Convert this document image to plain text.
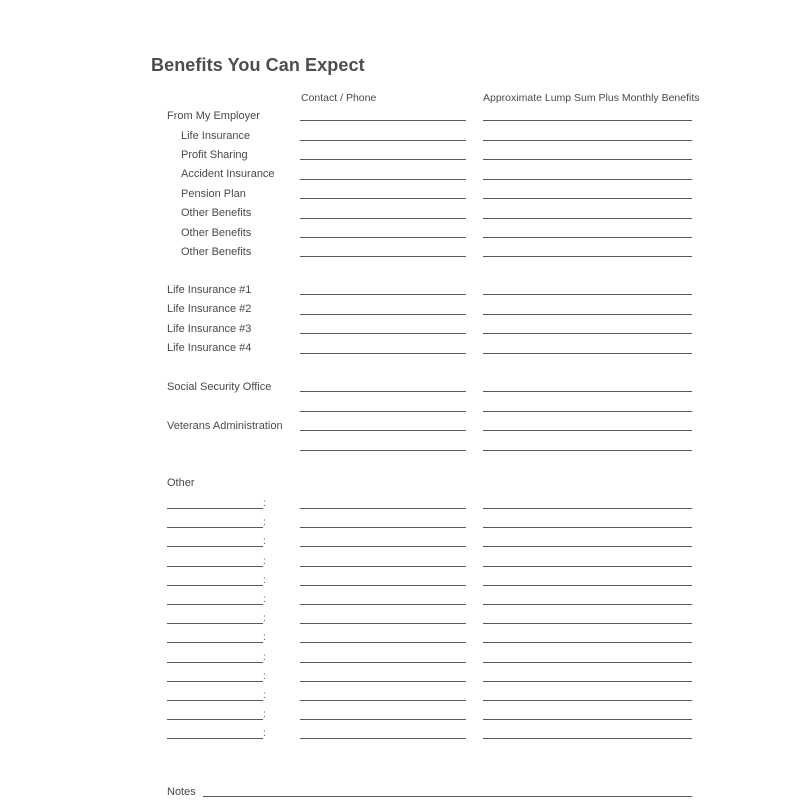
Benefits You Can Expect
Contact / Phone	Approximate Lump Sum Plus Monthly Benefits
From My Employer
Life Insurance
Profit Sharing
Accident Insurance
Pension Plan
Other Benefits
Other Benefits
Other Benefits
Life Insurance #1
Life Insurance #2
Life Insurance #3
Life Insurance #4
Social Security Office
Veterans Administration
Other
:
:
:
:
:
:
:
:
:
:
:
:
:
Notes
